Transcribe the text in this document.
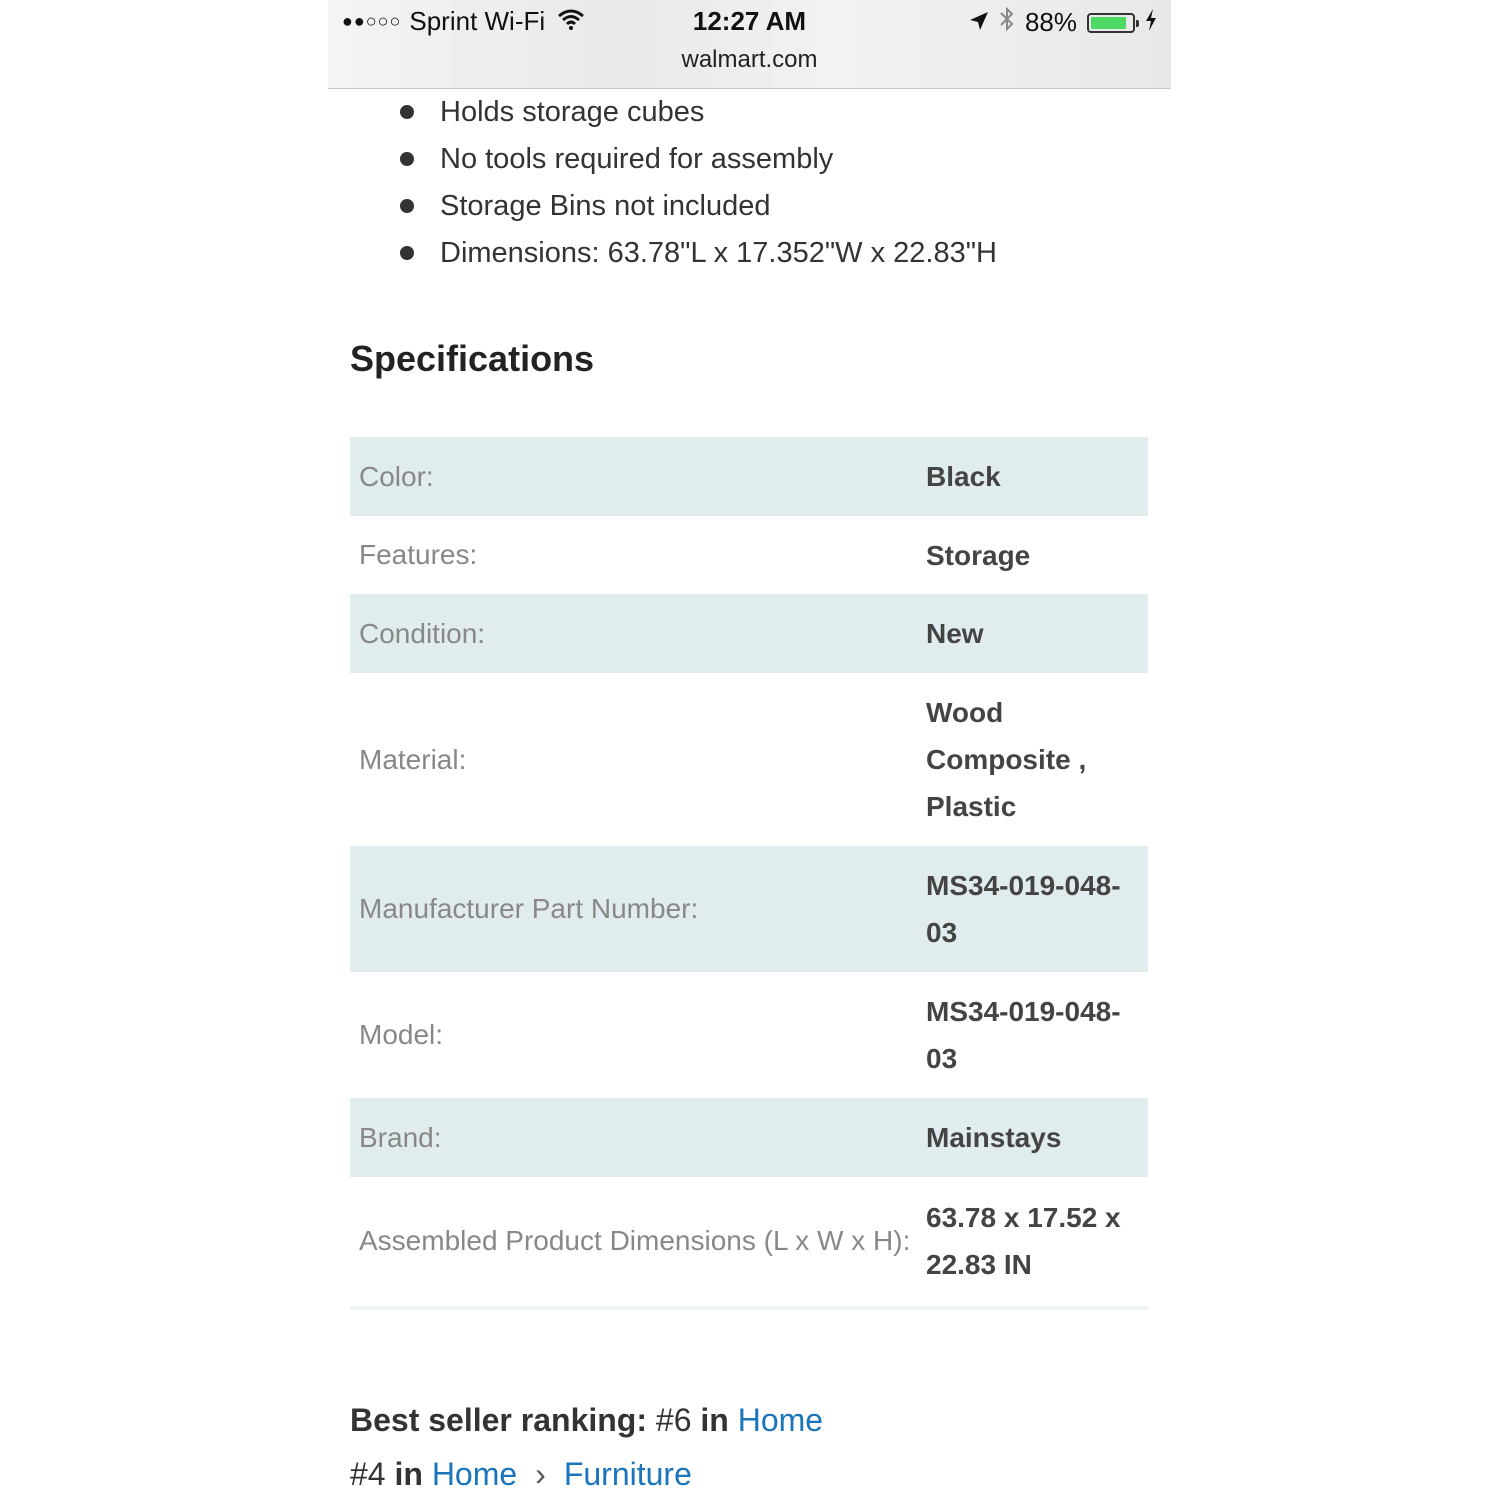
●●○○○ Sprint Wi-Fi	12:27 AM
walmart.com
88%
Holds storage cubes
No tools required for assembly
Storage Bins not included
Dimensions: 63.78"L x 17.352"W x 22.83"H
Specifications
Color:	Black

Features:	Storage

Condition:	New

Material:	Wood
Composite ,
Plastic

Manufacturer Part Number:	MS34-019-048-
03

Model:	MS34-019-048-
03

Brand:	Mainstays

Assembled Product Dimensions (L x W x H):	63.78 x 17.52 x
22.83 IN
Best seller ranking: #6 in Home
#4 in Home › Furniture
